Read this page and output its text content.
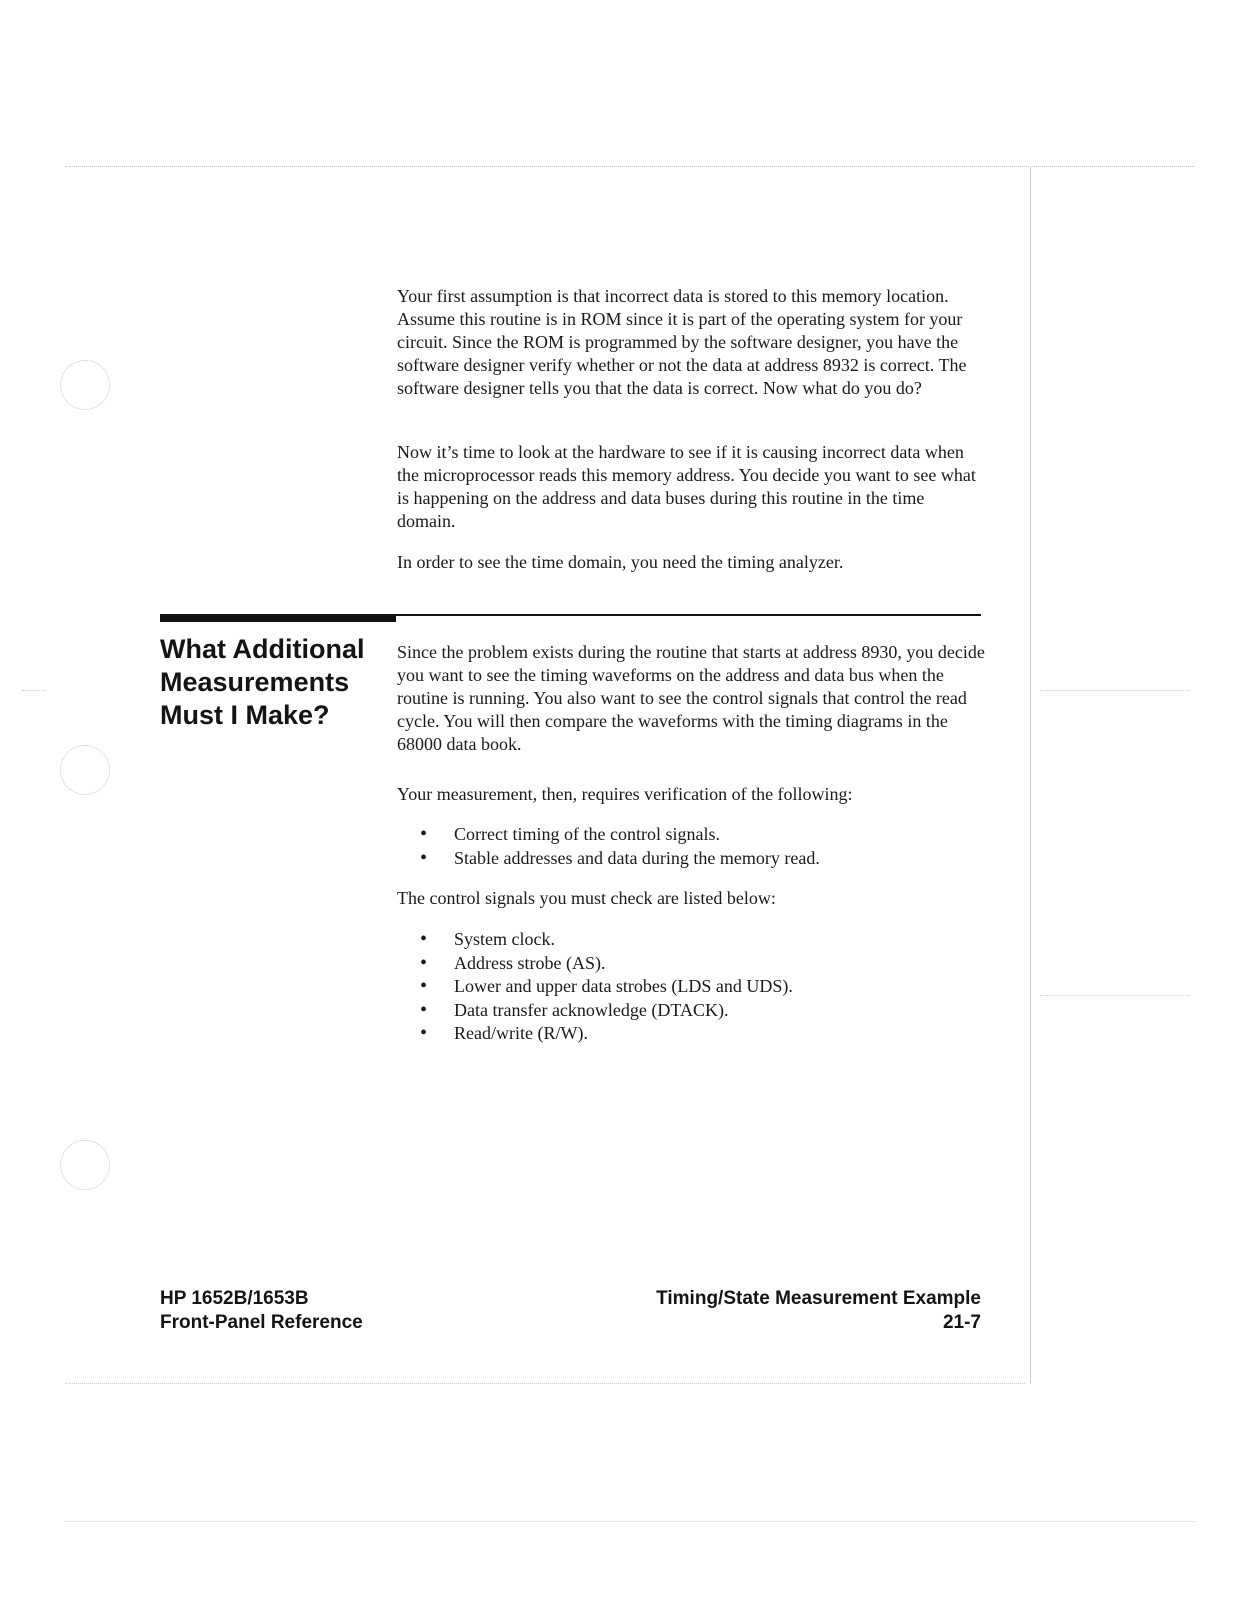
Your first assumption is that incorrect data is stored to this memory location. Assume this routine is in ROM since it is part of the operating system for your circuit. Since the ROM is programmed by the software designer, you have the software designer verify whether or not the data at address 8932 is correct. The software designer tells you that the data is correct. Now what do you do?

Now it’s time to look at the hardware to see if it is causing incorrect data when the microprocessor reads this memory address. You decide you want to see what is happening on the address and data buses during this routine in the time domain.

In order to see the time domain, you need the timing analyzer.

What Additional Measurements Must I Make?

Since the problem exists during the routine that starts at address 8930, you decide you want to see the timing waveforms on the address and data bus when the routine is running. You also want to see the control signals that control the read cycle. You will then compare the waveforms with the timing diagrams in the 68000 data book.

Your measurement, then, requires verification of the following:

• Correct timing of the control signals.
• Stable addresses and data during the memory read.

The control signals you must check are listed below:

• System clock.
• Address strobe (AS).
• Lower and upper data strobes (LDS and UDS).
• Data transfer acknowledge (DTACK).
• Read/write (R/W).
HP 1652B/1653B
Front-Panel Reference
Timing/State Measurement Example
21-7
